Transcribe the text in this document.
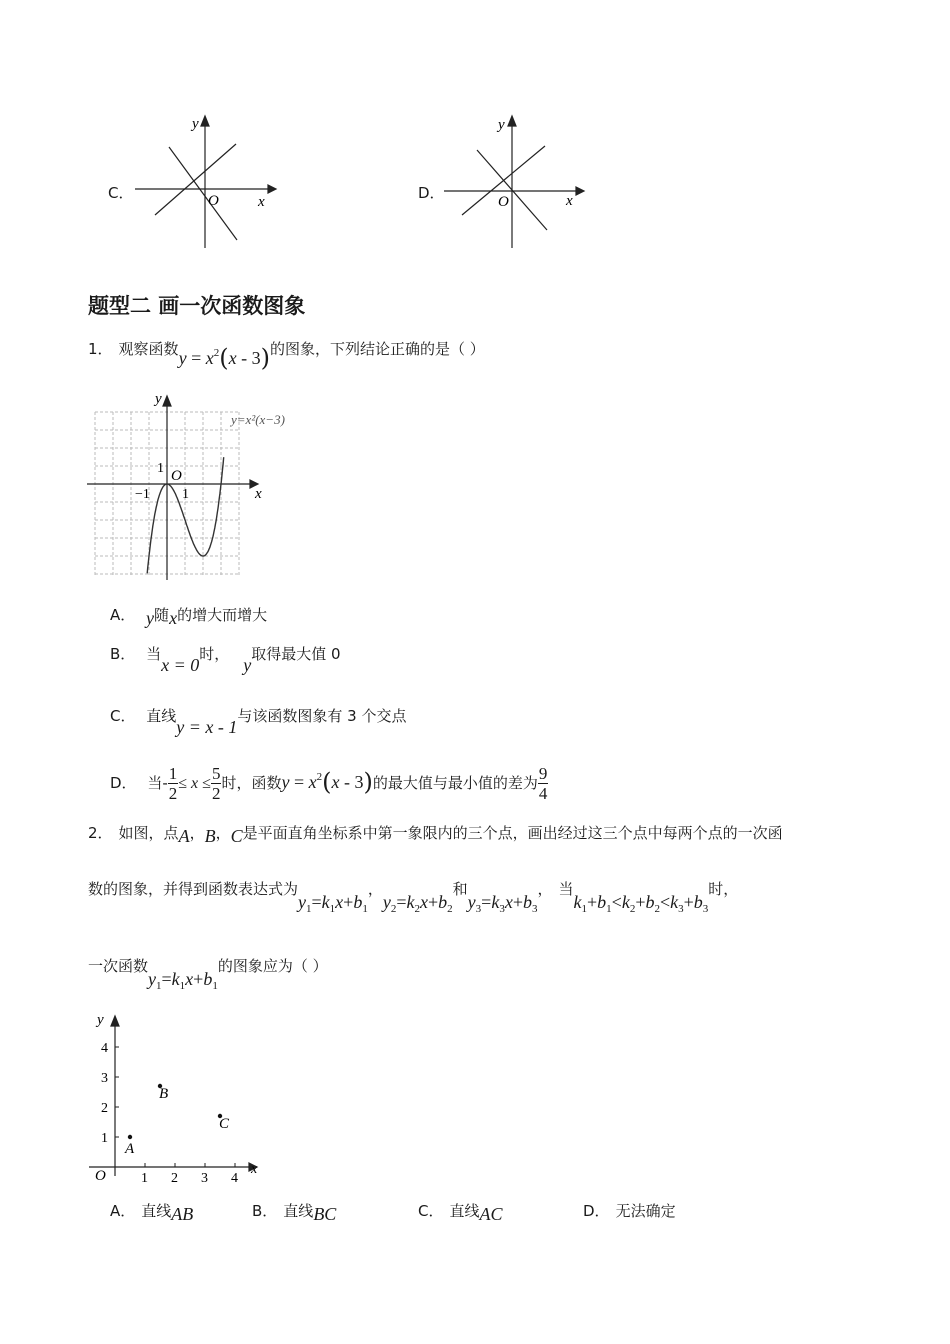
C．	O	x
y
D．	O	x
y
题型二 画一次函数图象
1． 观察函数$y = x^2(x - 3)$的图象，下列结论正确的是（ ）
y=x²(x−3)
x
y
O
1
−1 1
A． y随x的增大而增大
B． 当x = 0时，y取得最大值 0
C． 直线y = x - 1与该函数图象有 3 个交点
D． 当- $\frac{1}{2} \le x \le \frac{5}{2}$ 时，函数$y = x^2(x - 3)$的最大值与最小值的差为 $\frac{9}{4}$
2． 如图，点A，B，C是平面直角坐标系中第一象限内的三个点，画出经过这三个点中每两个点的一次函
数的图象，并得到函数表达式为$y_1=k_1x+b_1$，$y_2=k_2x+b_2$和$y_3=k_3x+b_3$， 当$k_1+b_1<k_2+b_2<k_3+b_3$时，
一次函数$y_1=k_1x+b_1$的图象应为（ ）
1 2 3 4
1
2
3
4
A
B
C
O	x
y
A． 直线AB	B． 直线BC	C． 直线AC	D． 无法确定
